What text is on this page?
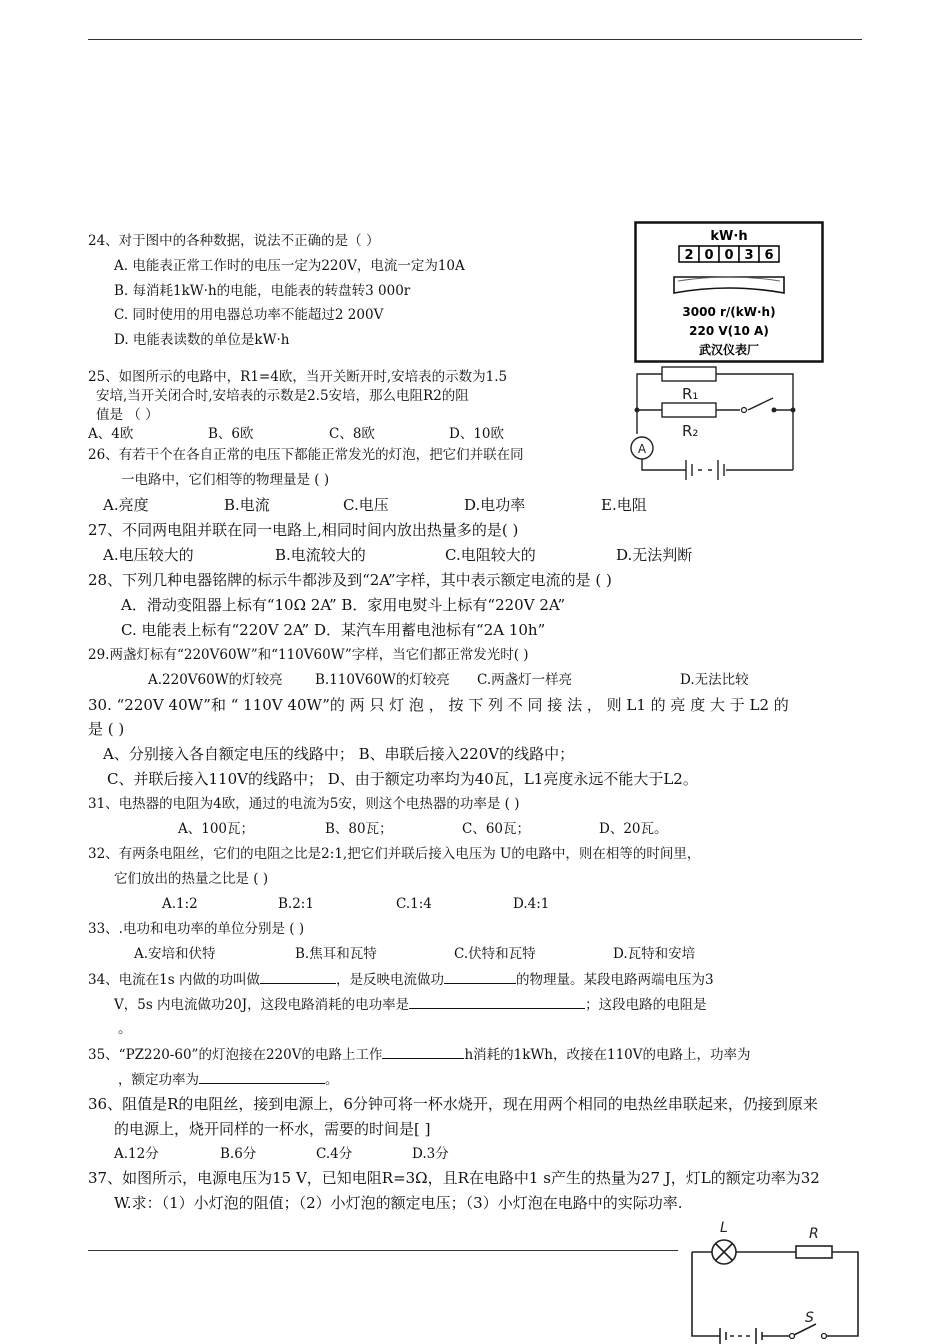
24、对于图中的各种数据，说法不正确的是（ ）
A. 电能表正常工作时的电压一定为220V，电流一定为10A
B. 每消耗1kW·h的电能，电能表的转盘转3 000r
C. 同时使用的用电器总功率不能超过2 200V
D. 电能表读数的单位是kW·h
kW·h
2 0 0 3 6
3000 r/(kW·h)
220 V(10 A)
武汉仪表厂
25、如图所示的电路中，R1=4欧，当开关断开时,安培表的示数为1.5
安培,当开关闭合时,安培表的示数是2.5安培，那么电阻R2的阻
值是 （ ）
A、4欧	B、6欧	C、8欧	D、10欧
R₁
R₂
A
26、有若干个在各自正常的电压下都能正常发光的灯泡，把它们并联在同
一电路中，它们相等的物理量是 ( )
A.亮度	B.电流	C.电压	D.电功率	E.电阻
27、不同两电阻并联在同一电路上,相同时间内放出热量多的是( )
A.电压较大的	B.电流较大的	C.电阻较大的	D.无法判断
28、下列几种电器铭牌的标示牛都涉及到“2A”字样，其中表示额定电流的是 ( )
A．滑动变阻器上标有“10Ω 2A” B．家用电熨斗上标有“220V 2A”
C. 电能表上标有“220V 2A” D．某汽车用蓄电池标有“2A 10h”
29.两盏灯标有“220V60W”和“110V60W”字样，当它们都正常发光时( )
A.220V60W的灯较亮 B.110V60W的灯较亮 C.两盏灯一样亮	D.无法比较
30. “220V 40W”和 “ 110V 40W”的 两 只 灯 泡 ， 按 下 列 不 同 接 法 ， 则 L1 的 亮 度 大 于 L2 的
是 ( )
A、分别接入各自额定电压的线路中； B、串联后接入220V的线路中；
C、并联后接入110V的线路中； D、由于额定功率均为40瓦，L1亮度永远不能大于L2。
31、电热器的电阻为4欧，通过的电流为5安，则这个电热器的功率是 ( )
A、100瓦；	B、80瓦；	C、60瓦；	D、20瓦。
32、有两条电阻丝，它们的电阻之比是2:1,把它们并联后接入电压为 U的电路中，则在相等的时间里，
它们放出的热量之比是 ( )
A.1:2	B.2:1	C.1:4	D.4:1
33、.电功和电功率的单位分别是 ( )
A.安培和伏特	B.焦耳和瓦特	C.伏特和瓦特	D.瓦特和安培
34、电流在1s 内做的功叫做	，是反映电流做功	的物理量。某段电路两端电压为3
V，5s 内电流做功20J，这段电路消耗的电功率是	；这段电路的电阻是
。
35、“PZ220-60”的灯泡接在220V的电路上工作	h消耗的1kWh，改接在110V的电路上，功率为
，额定功率为	。
36、阻值是R的电阻丝，接到电源上，6分钟可将一杯水烧开，现在用两个相同的电热丝串联起来，仍接到原来
的电源上，烧开同样的一杯水，需要的时间是[ ]
A.12分	B.6分	C.4分	D.3分
37、如图所示，电源电压为15 V，已知电阻R=3Ω，且R在电路中1 s产生的热量为27 J，灯L的额定功率为32
W.求：（1）小灯泡的阻值；（2）小灯泡的额定电压；（3）小灯泡在电路中的实际功率.
L	R
S
